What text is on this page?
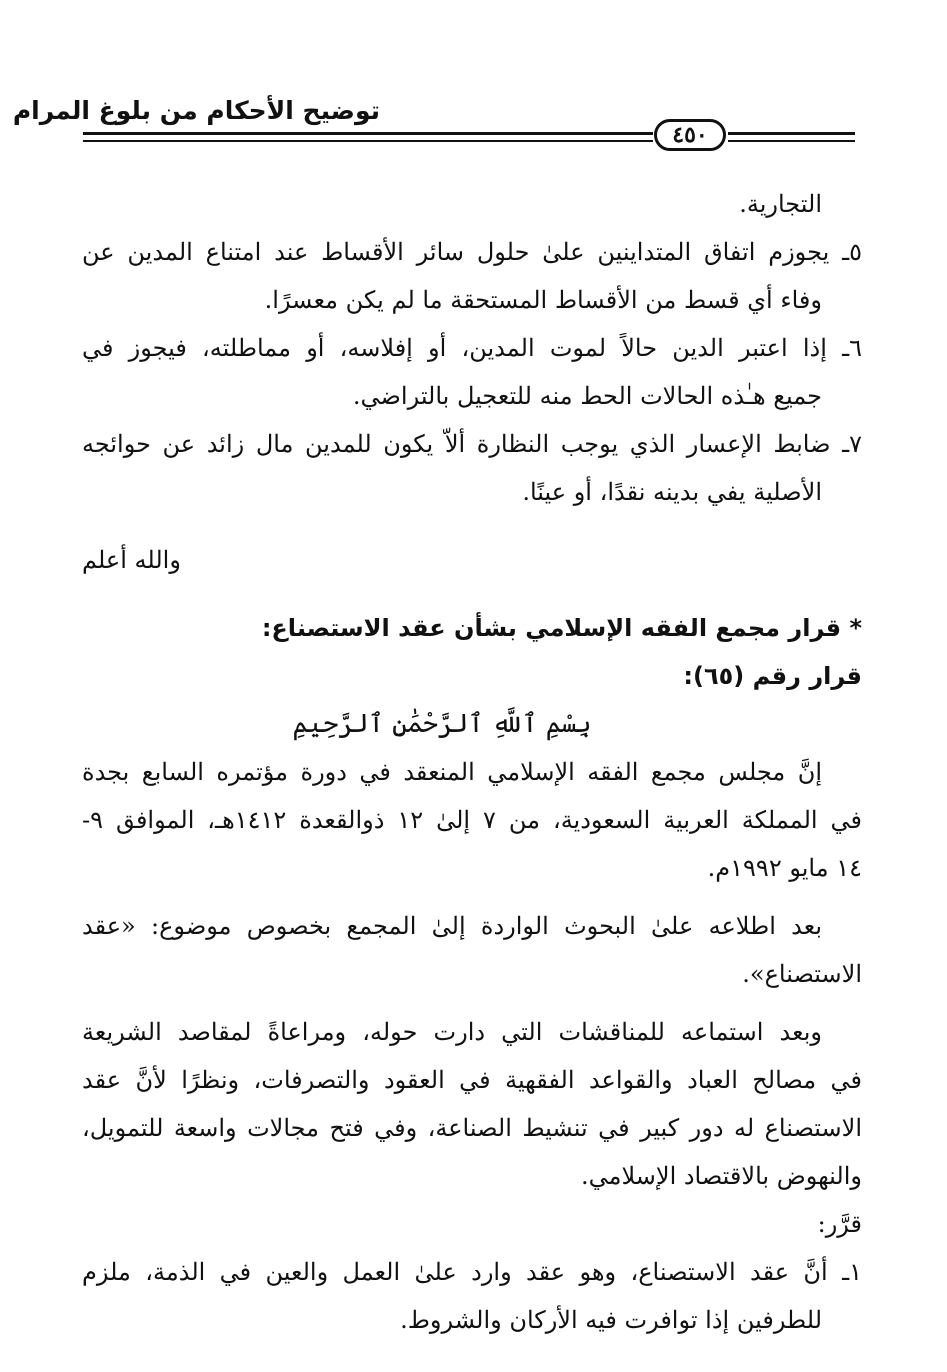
توضيح الأحكام من بلوغ المرام
٤٥٠
التجارية.
٥ـ يجوزم اتفاق المتداينين علىٰ حلول سائر الأقساط عند امتناع المدين عن
وفاء أي قسط من الأقساط المستحقة ما لم يكن معسرًا.
٦ـ إذا اعتبر الدين حالاً لموت المدين، أو إفلاسه، أو مماطلته، فيجوز في
جميع هـٰذه الحالات الحط منه للتعجيل بالتراضي.
٧ـ ضابط الإعسار الذي يوجب النظارة ألاّ يكون للمدين مال زائد عن حوائجه
الأصلية يفي بدينه نقدًا، أو عينًا.
والله أعلم
* قرار مجمع الفقه الإسلامي بشأن عقد الاستصناع:
قرار رقم (٦٥):
بِسْمِ ٱللَّهِ ٱلرَّحْمَٰنِ ٱلرَّحِيمِ
إنَّ مجلس مجمع الفقه الإسلامي المنعقد في دورة مؤتمره السابع بجدة
في المملكة العربية السعودية، من ٧ إلىٰ ١٢ ذوالقعدة ١٤١٢هـ، الموافق ٩-
١٤ مايو ١٩٩٢م.
بعد اطلاعه علىٰ البحوث الواردة إلىٰ المجمع بخصوص موضوع: «عقد
الاستصناع».
وبعد استماعه للمناقشات التي دارت حوله، ومراعاةً لمقاصد الشريعة
في مصالح العباد والقواعد الفقهية في العقود والتصرفات، ونظرًا لأنَّ عقد
الاستصناع له دور كبير في تنشيط الصناعة، وفي فتح مجالات واسعة للتمويل،
والنهوض بالاقتصاد الإسلامي.
قرَّر:
١ـ أنَّ عقد الاستصناع، وهو عقد وارد علىٰ العمل والعين في الذمة، ملزم
للطرفين إذا توافرت فيه الأركان والشروط.
